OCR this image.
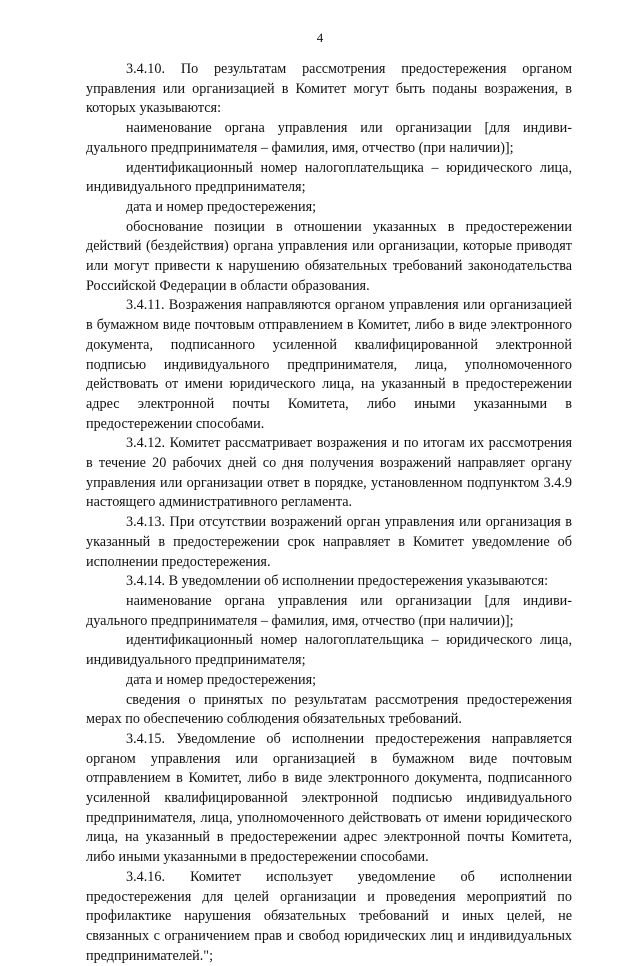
4

3.4.10. По результатам рассмотрения предостережения органом управления или организацией в Комитет могут быть поданы возражения, в которых указываются:

наименование органа управления или организации [для индивидуального предпринимателя – фамилия, имя, отчество (при наличии)];

идентификационный номер налогоплательщика – юридического лица, индивидуального предпринимателя;

дата и номер предостережения;

обоснование позиции в отношении указанных в предостережении действий (бездействия) органа управления или организации, которые приводят или могут привести к нарушению обязательных требований законодательства Российской Федерации в области образования.

3.4.11. Возражения направляются органом управления или организацией в бумажном виде почтовым отправлением в Комитет, либо в виде электронного документа, подписанного усиленной квалифицированной электронной подписью индивидуального предпринимателя, лица, уполномоченного действовать от имени юридического лица, на указанный в предостережении адрес электронной почты Комитета, либо иными указанными в предостережении способами.

3.4.12. Комитет рассматривает возражения и по итогам их рассмотрения в течение 20 рабочих дней со дня получения возражений направляет органу управления или организации ответ в порядке, установленном подпунктом 3.4.9 настоящего административного регламента.

3.4.13. При отсутствии возражений орган управления или организация в указанный в предостережении срок направляет в Комитет уведомление об исполнении предостережения.

3.4.14. В уведомлении об исполнении предостережения указываются:

наименование органа управления или организации [для индивидуального предпринимателя – фамилия, имя, отчество (при наличии)];

идентификационный номер налогоплательщика – юридического лица, индивидуального предпринимателя;

дата и номер предостережения;

сведения о принятых по результатам рассмотрения предостережения мерах по обеспечению соблюдения обязательных требований.

3.4.15. Уведомление об исполнении предостережения направляется органом управления или организацией в бумажном виде почтовым отправлением в Комитет, либо в виде электронного документа, подписанного усиленной квалифицированной электронной подписью индивидуального предпринимателя, лица, уполномоченного действовать от имени юридического лица, на указанный в предостережении адрес электронной почты Комитета, либо иными указанными в предостережении способами.

3.4.16. Комитет использует уведомление об исполнении предостережения для целей организации и проведения мероприятий по профилактике нарушения обязательных требований и иных целей, не связанных с ограничением прав и свобод юридических лиц и индивидуальных предпринимателей.";
